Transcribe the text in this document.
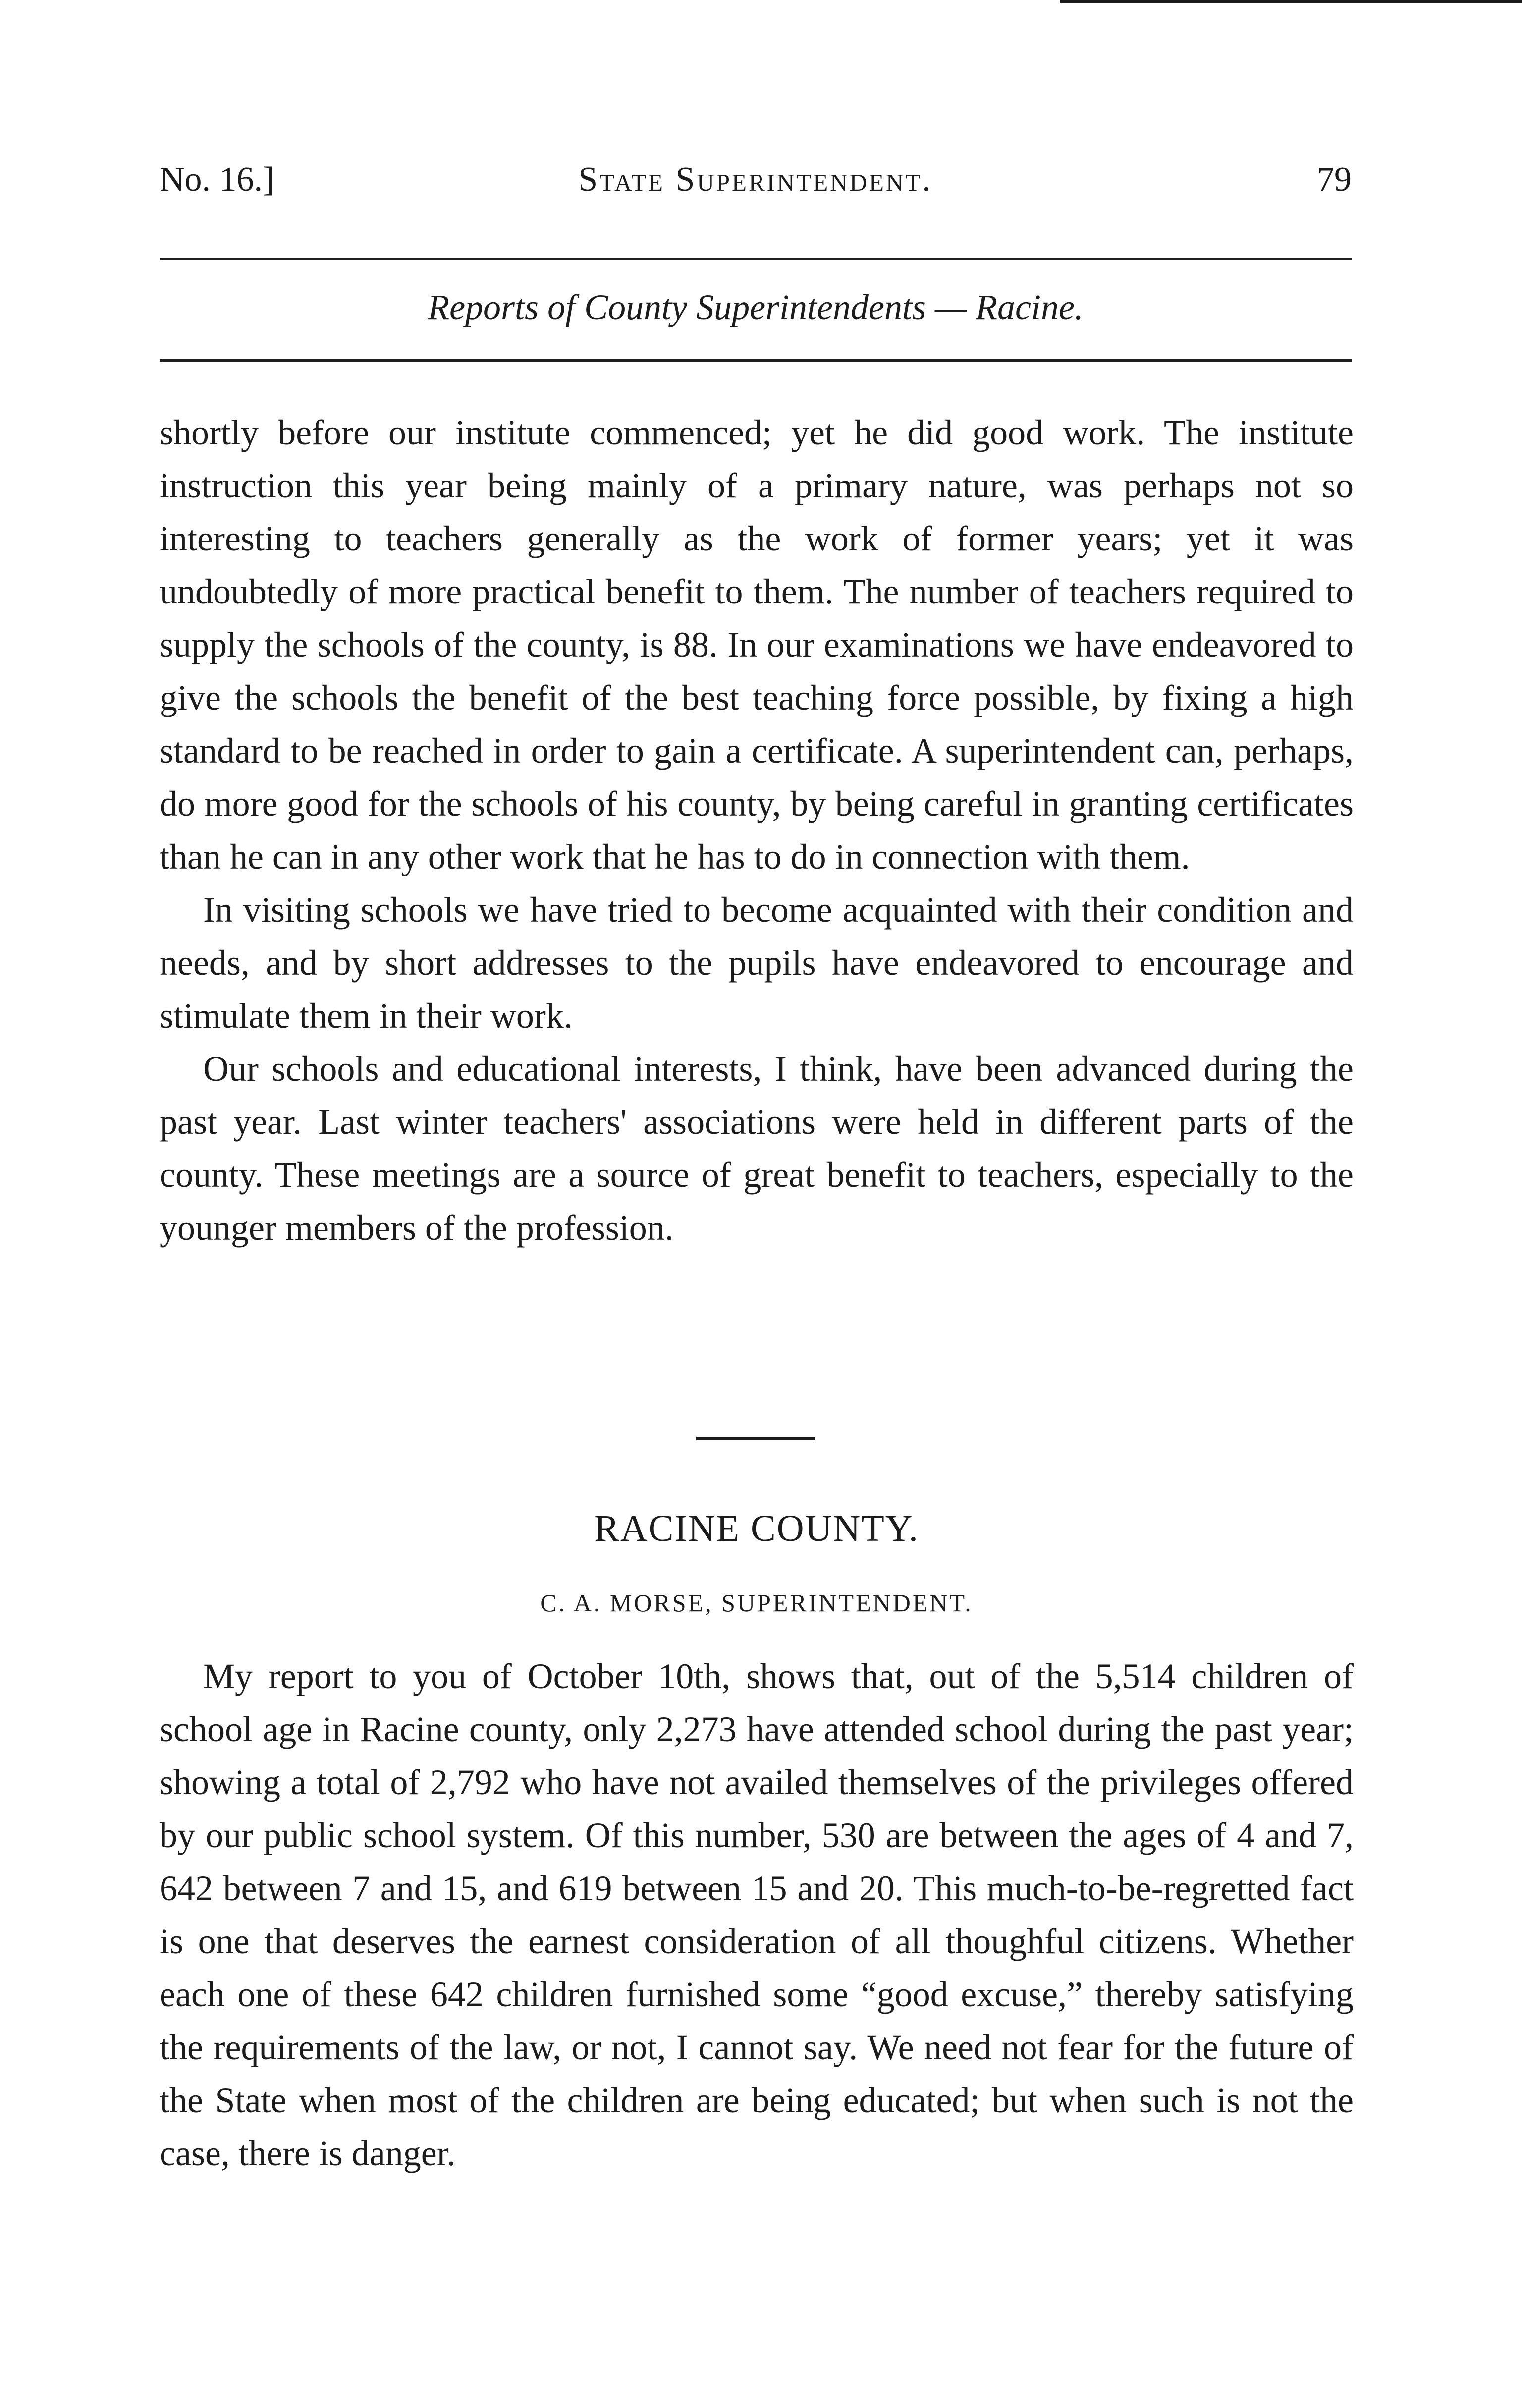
No. 16.]	State Superintendent.	79
Reports of County Superintendents — Racine.

shortly before our institute commenced; yet he did good work. The institute instruction this year being mainly of a primary nature, was perhaps not so interesting to teachers generally as the work of former years; yet it was undoubtedly of more practical benefit to them. The number of teachers required to supply the schools of the county, is 88. In our examinations we have endeavored to give the schools the benefit of the best teaching force possible, by fixing a high standard to be reached in order to gain a certificate. A superintendent can, perhaps, do more good for the schools of his county, by being careful in granting certificates than he can in any other work that he has to do in connection with them.

In visiting schools we have tried to become acquainted with their condition and needs, and by short addresses to the pupils have endeavored to encourage and stimulate them in their work.

Our schools and educational interests, I think, have been advanced during the past year. Last winter teachers' associations were held in different parts of the county. These meetings are a source of great benefit to teachers, especially to the younger members of the profession.

RACINE COUNTY.
C. A. MORSE, SUPERINTENDENT.

My report to you of October 10th, shows that, out of the 5,514 children of school age in Racine county, only 2,273 have attended school during the past year; showing a total of 2,792 who have not availed themselves of the privileges offered by our public school system. Of this number, 530 are between the ages of 4 and 7, 642 between 7 and 15, and 619 between 15 and 20. This much-to-be-regretted fact is one that deserves the earnest consideration of all thoughful citizens. Whether each one of these 642 children furnished some “good excuse,” thereby satisfying the requirements of the law, or not, I cannot say. We need not fear for the future of the State when most of the children are being educated; but when such is not the case, there is danger.
